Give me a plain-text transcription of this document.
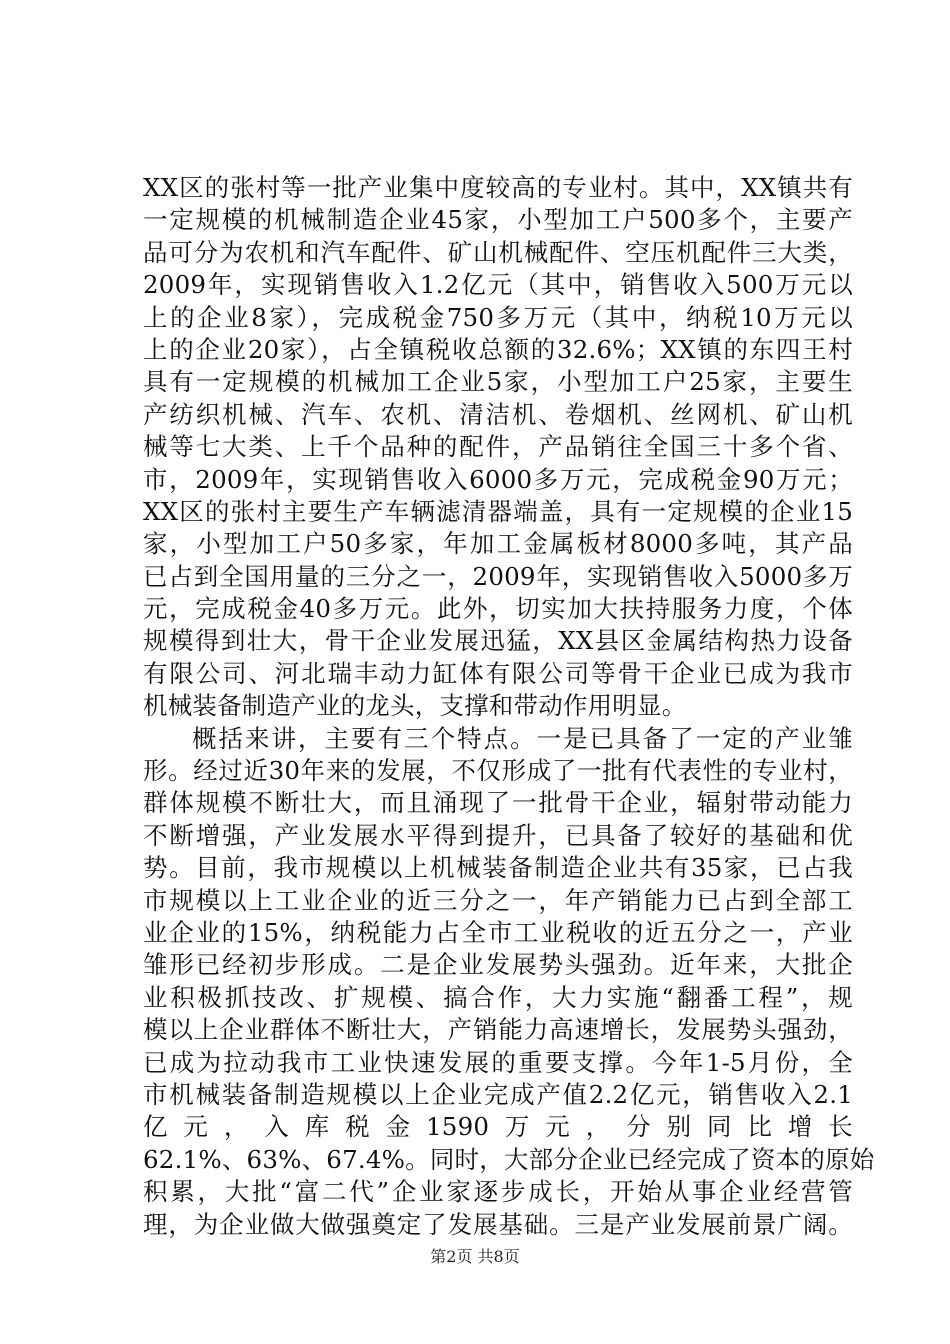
XX区的张村等一批产业集中度较高的专业村。其中，XX镇共有
一定规模的机械制造企业45家，小型加工户500多个，主要产
品可分为农机和汽车配件、矿山机械配件、空压机配件三大类，
2009年，实现销售收入1.2亿元（其中，销售收入500万元以
上的企业8家），完成税金750多万元（其中，纳税10万元以
上的企业20家），占全镇税收总额的32.6%；XX镇的东四王村
具有一定规模的机械加工企业5家，小型加工户25家，主要生
产纺织机械、汽车、农机、清洁机、卷烟机、丝网机、矿山机
械等七大类、上千个品种的配件，产品销往全国三十多个省、
市，2009年，实现销售收入6000多万元，完成税金90万元；
XX区的张村主要生产车辆滤清器端盖，具有一定规模的企业15
家，小型加工户50多家，年加工金属板材8000多吨，其产品
已占到全国用量的三分之一，2009年，实现销售收入5000多万
元，完成税金40多万元。此外，切实加大扶持服务力度，个体
规模得到壮大，骨干企业发展迅猛，XX县区金属结构热力设备
有限公司、河北瑞丰动力缸体有限公司等骨干企业已成为我市
机械装备制造产业的龙头，支撑和带动作用明显。
概括来讲，主要有三个特点。一是已具备了一定的产业雏
形。经过近30年来的发展，不仅形成了一批有代表性的专业村，
群体规模不断壮大，而且涌现了一批骨干企业，辐射带动能力
不断增强，产业发展水平得到提升，已具备了较好的基础和优
势。目前，我市规模以上机械装备制造企业共有35家，已占我
市规模以上工业企业的近三分之一，年产销能力已占到全部工
业企业的15%，纳税能力占全市工业税收的近五分之一，产业
雏形已经初步形成。二是企业发展势头强劲。近年来，大批企
业积极抓技改、扩规模、搞合作，大力实施“翻番工程”，规
模以上企业群体不断壮大，产销能力高速增长，发展势头强劲，
已成为拉动我市工业快速发展的重要支撑。今年1-5月份，全
市机械装备制造规模以上企业完成产值2.2亿元，销售收入2.1
亿元，入库税金1590万元，分别同比增长
62.1%、63%、67.4%。同时，大部分企业已经完成了资本的原始
积累，大批“富二代”企业家逐步成长，开始从事企业经营管
理，为企业做大做强奠定了发展基础。三是产业发展前景广阔。
第2页 共8页
